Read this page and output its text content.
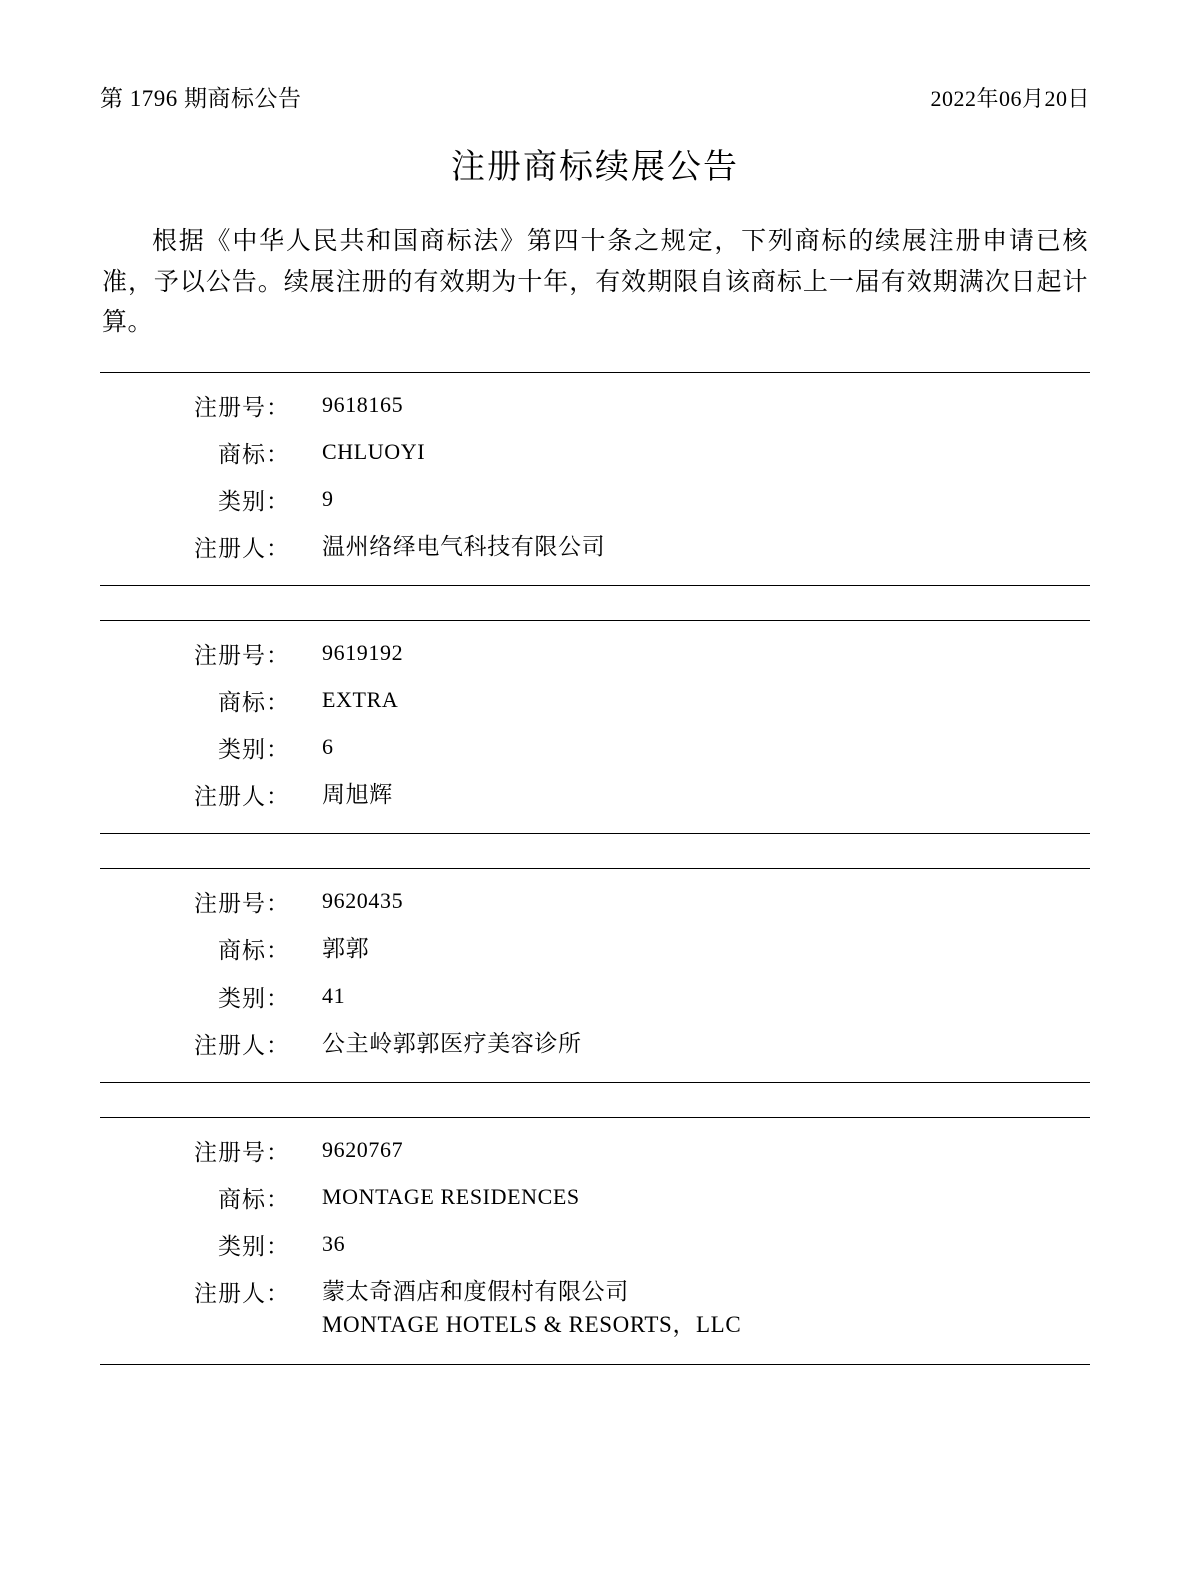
第 1796 期商标公告	2022年06月20日
注册商标续展公告

根据《中华人民共和国商标法》第四十条之规定，下列商标的续展注册申请已核准，予以公告。续展注册的有效期为十年，有效期限自该商标上一届有效期满次日起计算。

注册号：	9618165
商标：	CHLUOYI
类别：	9
注册人：	温州络绎电气科技有限公司
注册号：	9619192
商标：	EXTRA
类别：	6
注册人：	周旭辉
注册号：	9620435
商标：	郭郭
类别：	41
注册人：	公主岭郭郭医疗美容诊所
注册号：	9620767
商标：	MONTAGE RESIDENCES
类别：	36
注册人：	蒙太奇酒店和度假村有限公司
MONTAGE HOTELS & RESORTS，LLC
